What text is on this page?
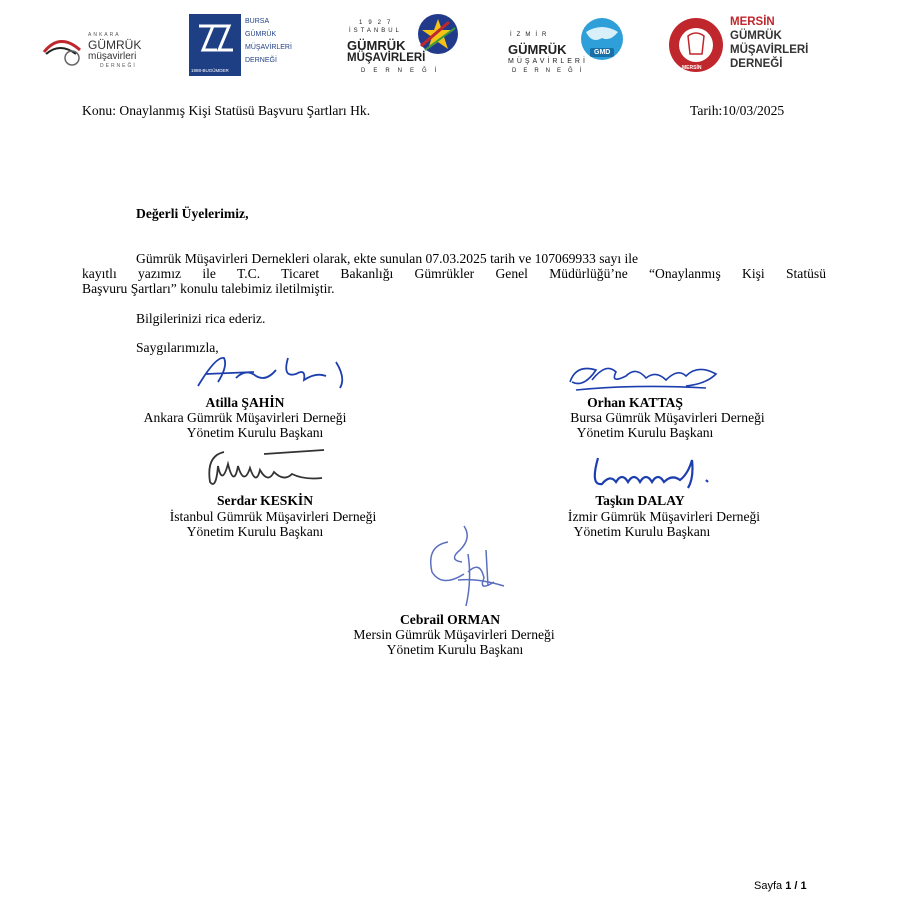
ANKARA
GÜMRÜK
müşavirleri
DERNEĞİ
1988-BUGÜMDER
BURSA
GÜMRÜK
MÜŞAVİRLERİ
DERNEĞİ
1927
İSTANBUL
GÜMRÜK
MÜŞAVİRLERİ
DERNEĞİ
İZMİR
GÜMRÜK
MÜŞAVİRLERİ
DERNEĞİ
GMD
MERSİN
MERSİN
GÜMRÜK
MÜŞAVİRLERİ
DERNEĞİ
Konu: Onaylanmış Kişi Statüsü Başvuru Şartları Hk.	Tarih:10/03/2025
Değerli Üyelerimiz,
Gümrük Müşavirleri Dernekleri olarak, ekte sunulan 07.03.2025 tarih ve 107069933 sayı ile
kayıtlı yazımız ile T.C. Ticaret Bakanlığı Gümrükler Genel Müdürlüğü’ne “Onaylanmış Kişi Statüsü
Başvuru Şartları” konulu talebimiz iletilmiştir.
Bilgilerinizi rica ederiz.
Saygılarımızla,
Atilla ŞAHİN
Ankara Gümrük Müşavirleri Derneği
Yönetim Kurulu Başkanı
Orhan KATTAŞ
Bursa Gümrük Müşavirleri Derneği
Yönetim Kurulu Başkanı
Serdar KESKİN
İstanbul Gümrük Müşavirleri Derneği
Yönetim Kurulu Başkanı
Taşkın DALAY
İzmir Gümrük Müşavirleri Derneği
Yönetim Kurulu Başkanı
Cebrail ORMAN
Mersin Gümrük Müşavirleri Derneği
Yönetim Kurulu Başkanı
Sayfa 1 / 1
